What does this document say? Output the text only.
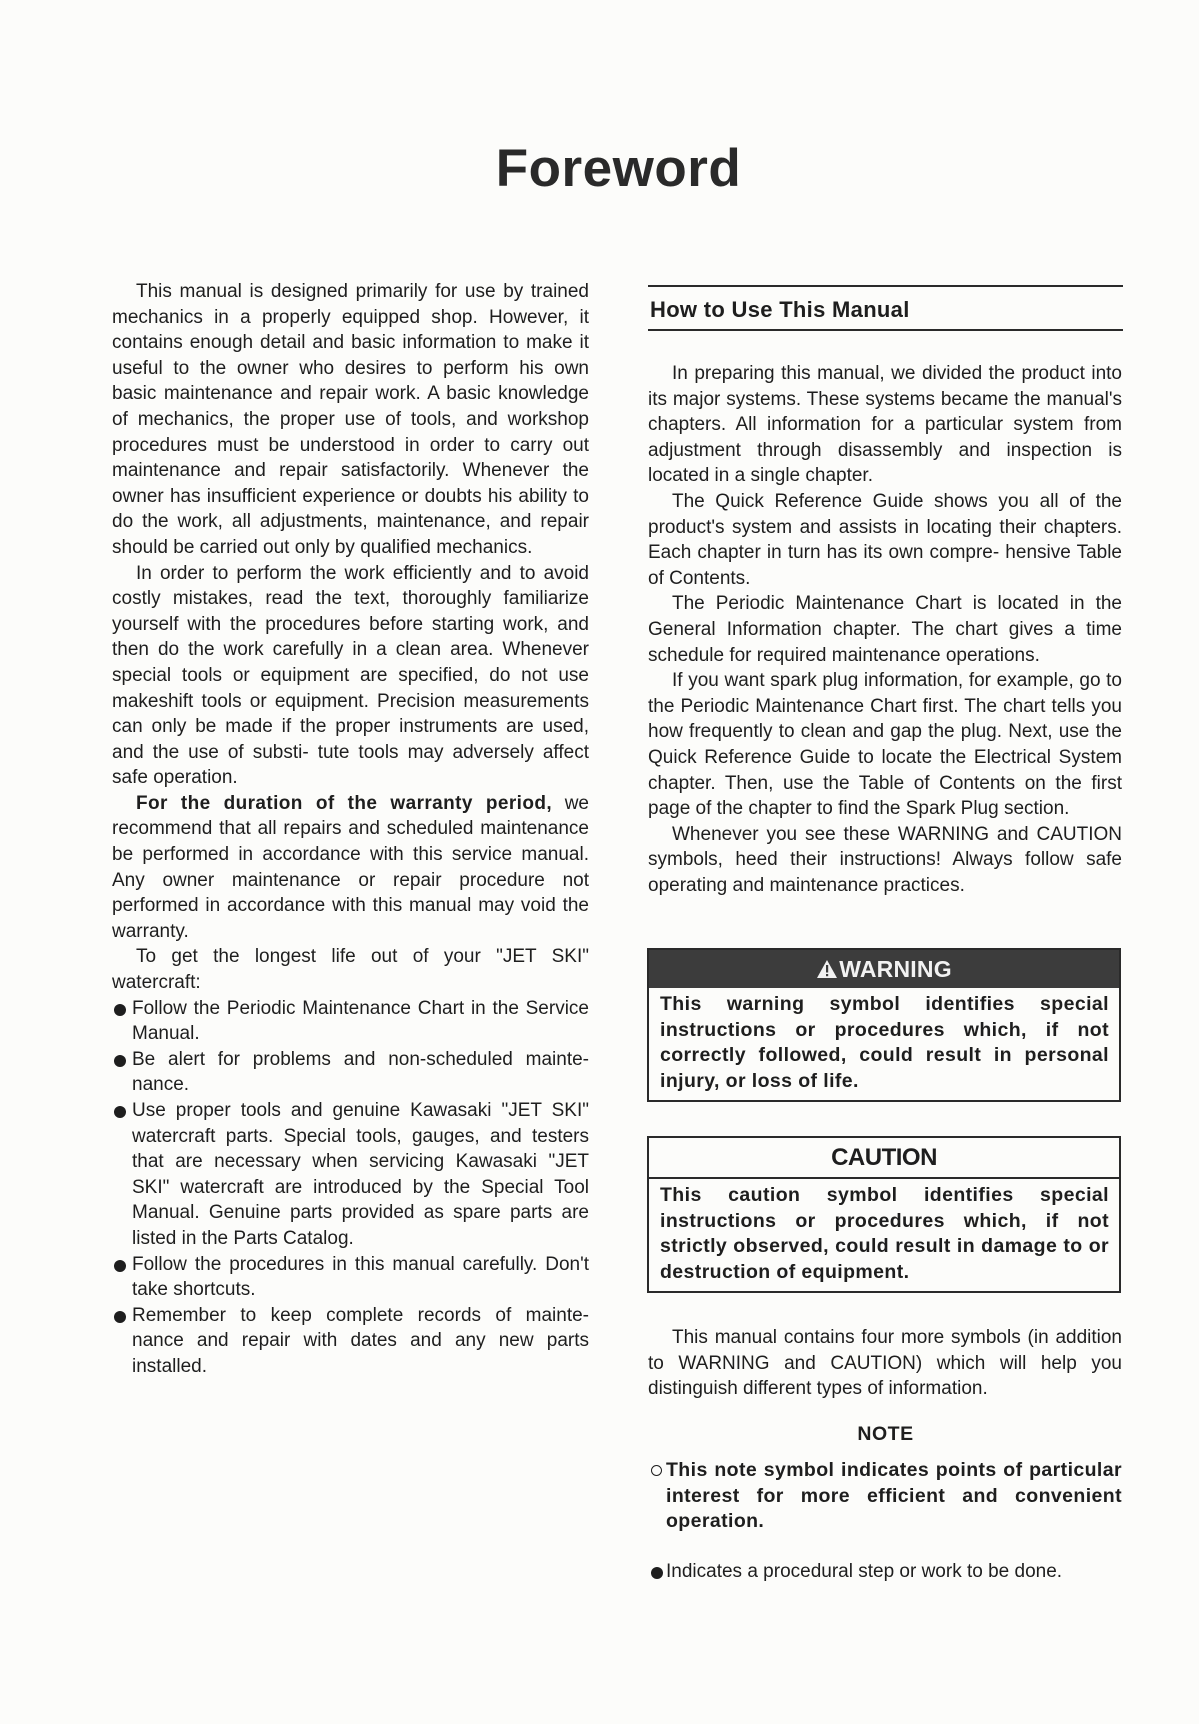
Foreword

This manual is designed primarily for use by trained mechanics in a properly equipped shop. However, it contains enough detail and basic information to make it useful to the owner who desires to perform his own basic maintenance and repair work. A basic knowledge of mechanics, the proper use of tools, and workshop procedures must be understood in order to carry out maintenance and repair satisfactorily. Whenever the owner has insufficient experience or doubts his ability to do the work, all adjustments, maintenance, and repair should be carried out only by qualified mechanics.

In order to perform the work efficiently and to avoid costly mistakes, read the text, thoroughly familiarize yourself with the procedures before starting work, and then do the work carefully in a clean area. Whenever special tools or equipment are specified, do not use makeshift tools or equipment. Precision measurements can only be made if the proper instruments are used, and the use of substi- tute tools may adversely affect safe operation.

For the duration of the warranty period, we recommend that all repairs and scheduled maintenance be performed in accordance with this service manual. Any owner maintenance or repair procedure not performed in accordance with this manual may void the warranty.

To get the longest life out of your "JET SKI" watercraft:

Follow the Periodic Maintenance Chart in the Service Manual.
Be alert for problems and non-scheduled mainte- nance.
Use proper tools and genuine Kawasaki "JET SKI" watercraft parts. Special tools, gauges, and testers that are necessary when servicing Kawasaki "JET SKI" watercraft are introduced by the Special Tool Manual. Genuine parts provided as spare parts are listed in the Parts Catalog.
Follow the procedures in this manual carefully. Don't take shortcuts.
Remember to keep complete records of mainte- nance and repair with dates and any new parts installed.
How to Use This Manual

In preparing this manual, we divided the product into its major systems. These systems became the manual's chapters. All information for a particular system from adjustment through disassembly and inspection is located in a single chapter.

The Quick Reference Guide shows you all of the product's system and assists in locating their chapters. Each chapter in turn has its own compre- hensive Table of Contents.

The Periodic Maintenance Chart is located in the General Information chapter. The chart gives a time schedule for required maintenance operations.

If you want spark plug information, for example, go to the Periodic Maintenance Chart first. The chart tells you how frequently to clean and gap the plug. Next, use the Quick Reference Guide to locate the Electrical System chapter. Then, use the Table of Contents on the first page of the chapter to find the Spark Plug section.

Whenever you see these WARNING and CAUTION symbols, heed their instructions! Always follow safe operating and maintenance practices.

WARNING
This warning symbol identifies special instructions or procedures which, if not correctly followed, could result in personal injury, or loss of life.
CAUTION
This caution symbol identifies special instructions or procedures which, if not strictly observed, could result in damage to or destruction of equipment.

This manual contains four more symbols (in addition to WARNING and CAUTION) which will help you distinguish different types of information.

NOTE
This note symbol indicates points of particular interest for more efficient and convenient operation.
Indicates a procedural step or work to be done.
